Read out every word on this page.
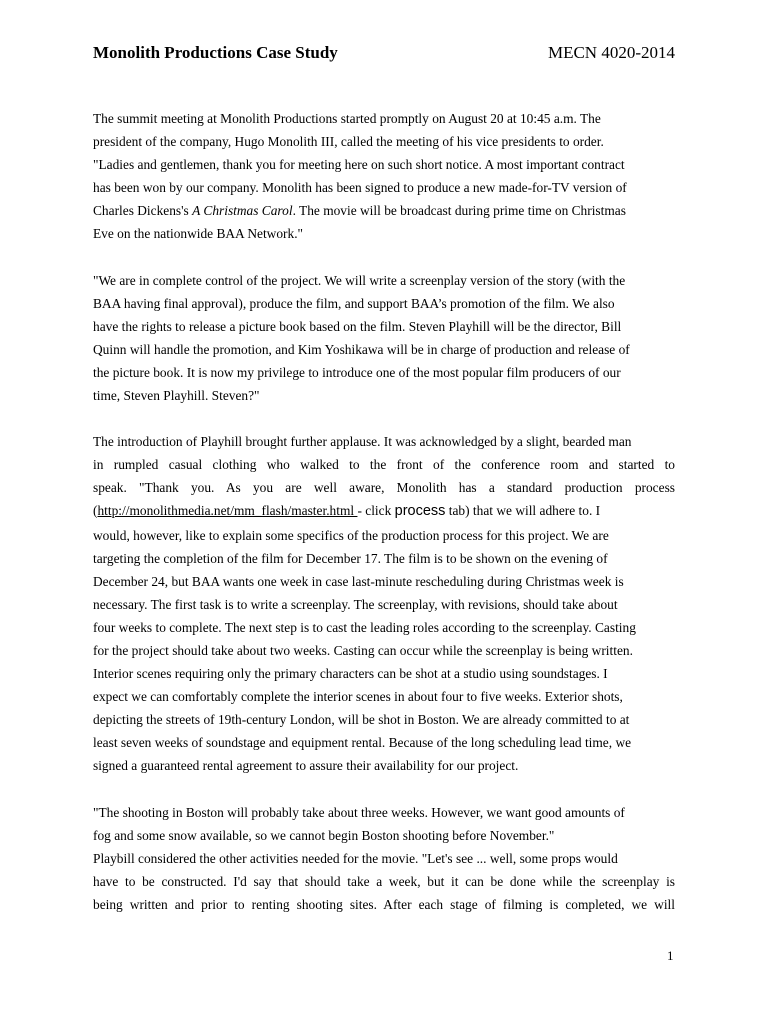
Monolith Productions Case Study	MECN 4020-2014
The summit meeting at Monolith Productions started promptly on August 20 at 10:45 a.m. The
president of the company, Hugo Monolith III, called the meeting of his vice presidents to order.
"Ladies and gentlemen, thank you for meeting here on such short notice. A most important contract
has been won by our company. Monolith has been signed to produce a new made-for-TV version of
Charles Dickens's A Christmas Carol. The movie will be broadcast during prime time on Christmas
Eve on the nationwide BAA Network."
"We are in complete control of the project. We will write a screenplay version of the story (with the
BAA having final approval), produce the film, and support BAA’s promotion of the film. We also
have the rights to release a picture book based on the film. Steven Playhill will be the director, Bill
Quinn will handle the promotion, and Kim Yoshikawa will be in charge of production and release of
the picture book. It is now my privilege to introduce one of the most popular film producers of our
time, Steven Playhill. Steven?"
The introduction of Playhill brought further applause. It was acknowledged by a slight, bearded man
in rumpled casual clothing who walked to the front of the conference room and started to
speak. "Thank you. As you are well aware, Monolith has a standard production process
(http://monolithmedia.net/mm_flash/master.html - click process tab) that we will adhere to. I
would, however, like to explain some specifics of the production process for this project. We are
targeting the completion of the film for December 17. The film is to be shown on the evening of
December 24, but BAA wants one week in case last-minute rescheduling during Christmas week is
necessary. The first task is to write a screenplay. The screenplay, with revisions, should take about
four weeks to complete. The next step is to cast the leading roles according to the screenplay. Casting
for the project should take about two weeks. Casting can occur while the screenplay is being written.
Interior scenes requiring only the primary characters can be shot at a studio using soundstages. I
expect we can comfortably complete the interior scenes in about four to five weeks. Exterior shots,
depicting the streets of 19th-century London, will be shot in Boston. We are already committed to at
least seven weeks of soundstage and equipment rental. Because of the long scheduling lead time, we
signed a guaranteed rental agreement to assure their availability for our project.
"The shooting in Boston will probably take about three weeks. However, we want good amounts of
fog and some snow available, so we cannot begin Boston shooting before November."
Playbill considered the other activities needed for the movie. "Let's see ... well, some props would
have to be constructed. I'd say that should take a week, but it can be done while the screenplay is
being written and prior to renting shooting sites. After each stage of filming is completed, we will
1
